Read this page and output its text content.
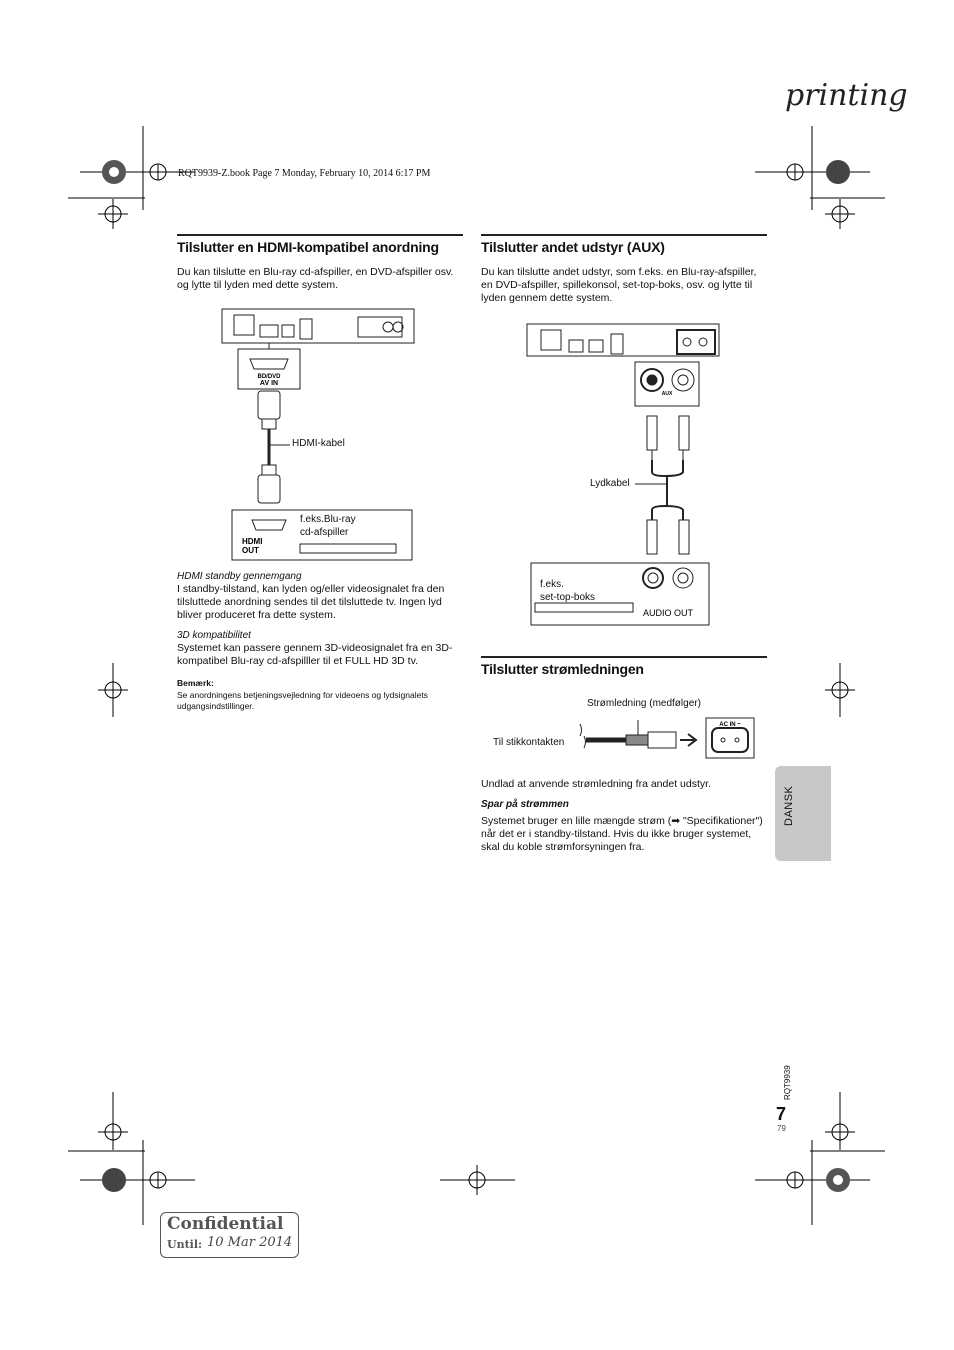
printing
RQT9939-Z.book Page 7 Monday, February 10, 2014 6:17 PM
Tilslutter en HDMI-kompatibel anordning
Du kan tilslutte en Blu-ray cd-afspiller, en DVD-afspiller osv. og lytte til lyden med dette system.
BD/DVD
AV IN
HDMI
OUT
HDMI-kabel
f.eks.Blu-ray
cd-afspiller
HDMI standby gennemgang
I standby-tilstand, kan lyden og/eller videosignalet fra den tilsluttede anordning sendes til det tilsluttede tv. Ingen lyd bliver produceret fra dette system.
3D kompatibilitet
Systemet kan passere gennem 3D-videosignalet fra en 3D-kompatibel Blu-ray cd-afspilller til et FULL HD 3D tv.
Bemærk:
Se anordningens betjeningsvejledning for videoens og lydsignalets udgangsindstillinger.
Tilslutter andet udstyr (AUX)
Du kan tilslutte andet udstyr, som f.eks. en Blu-ray-afspiller, en DVD-afspiller, spillekonsol, set-top-boks, osv. og lytte til lyden gennem dette system.
AUX
AUDIO OUT
Lydkabel
f.eks.
set-top-boks
Tilslutter strømledningen
Strømledning (medfølger)
Til stikkontakten
AC IN ~
Undlad at anvende strømledning fra andet udstyr.
Spar på strømmen
Systemet bruger en lille mængde strøm (➡ "Specifikationer") når det er i standby-tilstand. Hvis du ikke bruger systemet, skal du koble strømforsyningen fra.
DANSK
RQT9939
7
79
Confidential
Until: 10 Mar 2014
